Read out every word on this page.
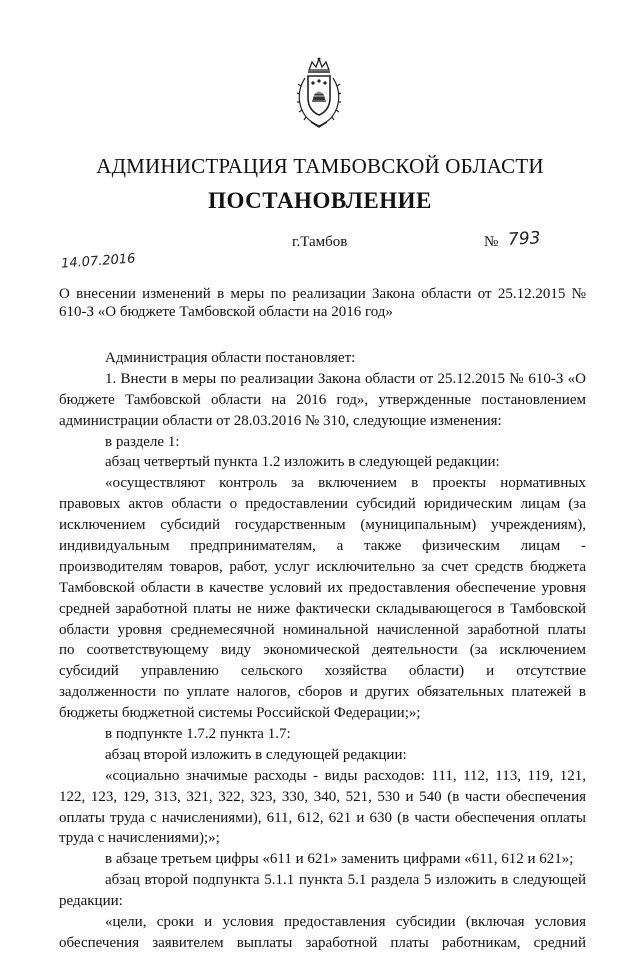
АДМИНИСТРАЦИЯ ТАМБОВСКОЙ ОБЛАСТИ
ПОСТАНОВЛЕНИЕ
14.07.2016
г.Тамбов	№ 793
О внесении изменений в меры по реализации Закона области от 25.12.2015 № 610-З «О бюджете Тамбовской области на 2016 год»
Администрация области постановляет:
1. Внести в меры по реализации Закона области от 25.12.2015 № 610-З «О
бюджете Тамбовской области на 2016 год», утвержденные постановлением
администрации области от 28.03.2016 № 310, следующие изменения:
в разделе 1:
абзац четвертый пункта 1.2 изложить в следующей редакции:
«осуществляют контроль за включением в проекты нормативных
правовых актов области о предоставлении субсидий юридическим лицам (за
исключением субсидий государственным (муниципальным) учреждениям),
индивидуальным предпринимателям, а также физическим лицам -
производителям товаров, работ, услуг исключительно за счет средств бюджета
Тамбовской области в качестве условий их предоставления обеспечение уровня
средней заработной платы не ниже фактически складывающегося в Тамбовской
области уровня среднемесячной номинальной начисленной заработной платы
по соответствующему виду экономической деятельности (за исключением
субсидий управлению сельского хозяйства области) и отсутствие
задолженности по уплате налогов, сборов и других обязательных платежей в
бюджеты бюджетной системы Российской Федерации;»;
в подпункте 1.7.2 пункта 1.7:
абзац второй изложить в следующей редакции:
«социально значимые расходы - виды расходов: 111, 112, 113, 119, 121,
122, 123, 129, 313, 321, 322, 323, 330, 340, 521, 530 и 540 (в части обеспечения
оплаты труда с начислениями), 611, 612, 621 и 630 (в части обеспечения оплаты
труда с начислениями);»;
в абзаце третьем цифры «611 и 621» заменить цифрами «611, 612 и 621»;
абзац второй подпункта 5.1.1 пункта 5.1 раздела 5 изложить в следующей
редакции:
«цели, сроки и условия предоставления субсидии (включая условия
обеспечения заявителем выплаты заработной платы работникам, средний
